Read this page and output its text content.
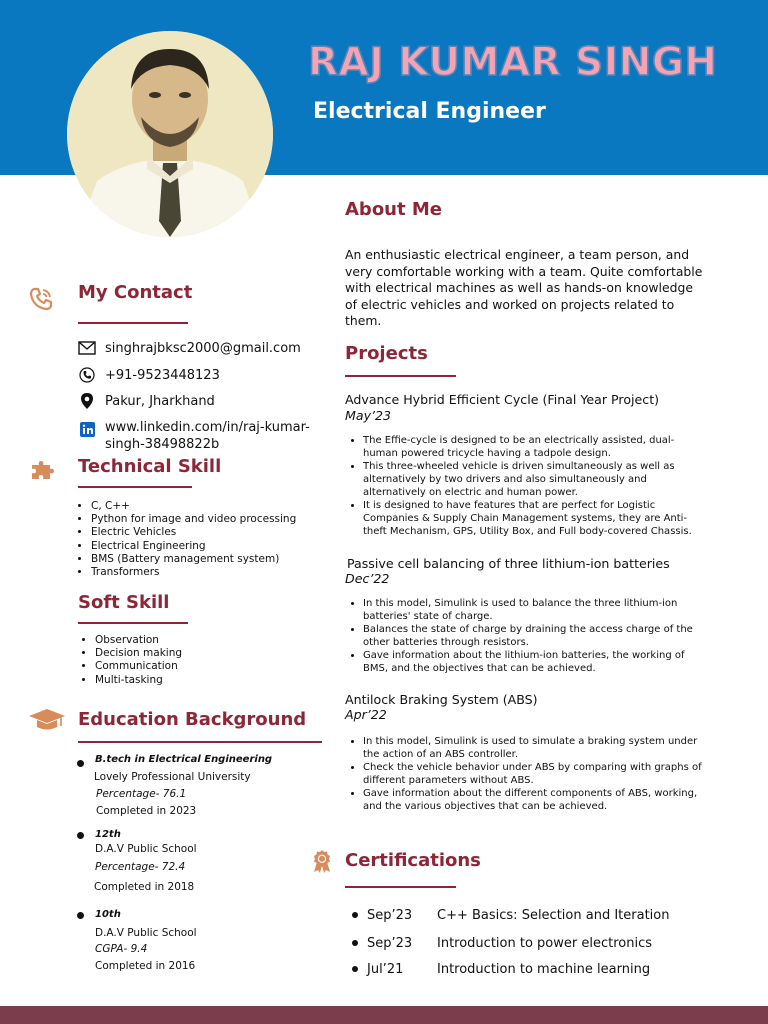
RAJ KUMAR SINGH
Electrical Engineer
About Me
An enthusiastic electrical engineer, a team person, and very comfortable working with a team. Quite comfortable with electrical machines as well as hands-on knowledge of electric vehicles and worked on projects related to them.
My Contact
singhrajbksc2000@gmail.com
+91-9523448123
Pakur, Jharkhand
www.linkedin.com/in/raj-kumar-
singh-38498822b
Technical Skill
• C, C++
• Python for image and video processing
• Electric Vehicles
• Electrical Engineering
• BMS (Battery management system)
• Transformers
Soft Skill
• Observation
• Decision making
• Communication
• Multi-tasking
Education Background
B.tech in Electrical Engineering
Lovely Professional University
Percentage- 76.1
Completed in 2023
12th
D.A.V Public School
Percentage- 72.4
Completed in 2018
10th
D.A.V Public School
CGPA- 9.4
Completed in 2016
Projects
Advance Hybrid Efficient Cycle (Final Year Project)
May’23
• The Effie-cycle is designed to be an electrically assisted, dual-human powered tricycle having a tadpole design.
• This three-wheeled vehicle is driven simultaneously as well as alternatively by two drivers and also simultaneously and alternatively on electric and human power.
• It is designed to have features that are perfect for Logistic Companies & Supply Chain Management systems, they are Anti-theft Mechanism, GPS, Utility Box, and Full body-covered Chassis.
Passive cell balancing of three lithium-ion batteries
Dec’22
• In this model, Simulink is used to balance the three lithium-ion batteries' state of charge.
• Balances the state of charge by draining the access charge of the other batteries through resistors.
• Gave information about the lithium-ion batteries, the working of BMS, and the objectives that can be achieved.
Antilock Braking System (ABS)
Apr’22
• In this model, Simulink is used to simulate a braking system under the action of an ABS controller.
• Check the vehicle behavior under ABS by comparing with graphs of different parameters without ABS.
• Gave information about the different components of ABS, working, and the various objectives that can be achieved.
Certifications
Sep’23	C++ Basics: Selection and Iteration
Sep’23	Introduction to power electronics
Jul’21	Introduction to machine learning
